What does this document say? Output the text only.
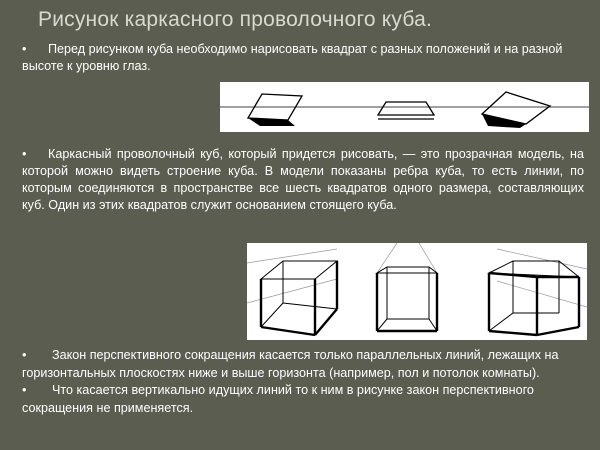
Рисунок каркасного проволочного куба.

• Перед рисунком куба необходимо нарисовать квадрат с разных положений и на разной высоте к уровню глаз.

• Каркасный проволочный куб, который придется рисовать, — это прозрачная модель, на которой можно видеть строение куба. В модели показаны ребра куба, то есть линии, по которым соединяются в пространстве все шесть квадратов одного размера, составляющих куб. Один из этих квадратов служит основанием стоящего куба.

• Закон перспективного сокращения касается только параллельных линий, лежащих на горизонтальных плоскостях ниже и выше горизонта (например, пол и потолок комнаты).
• Что касается вертикально идущих линий то к ним в рисунке закон перспективного сокращения не применяется.
